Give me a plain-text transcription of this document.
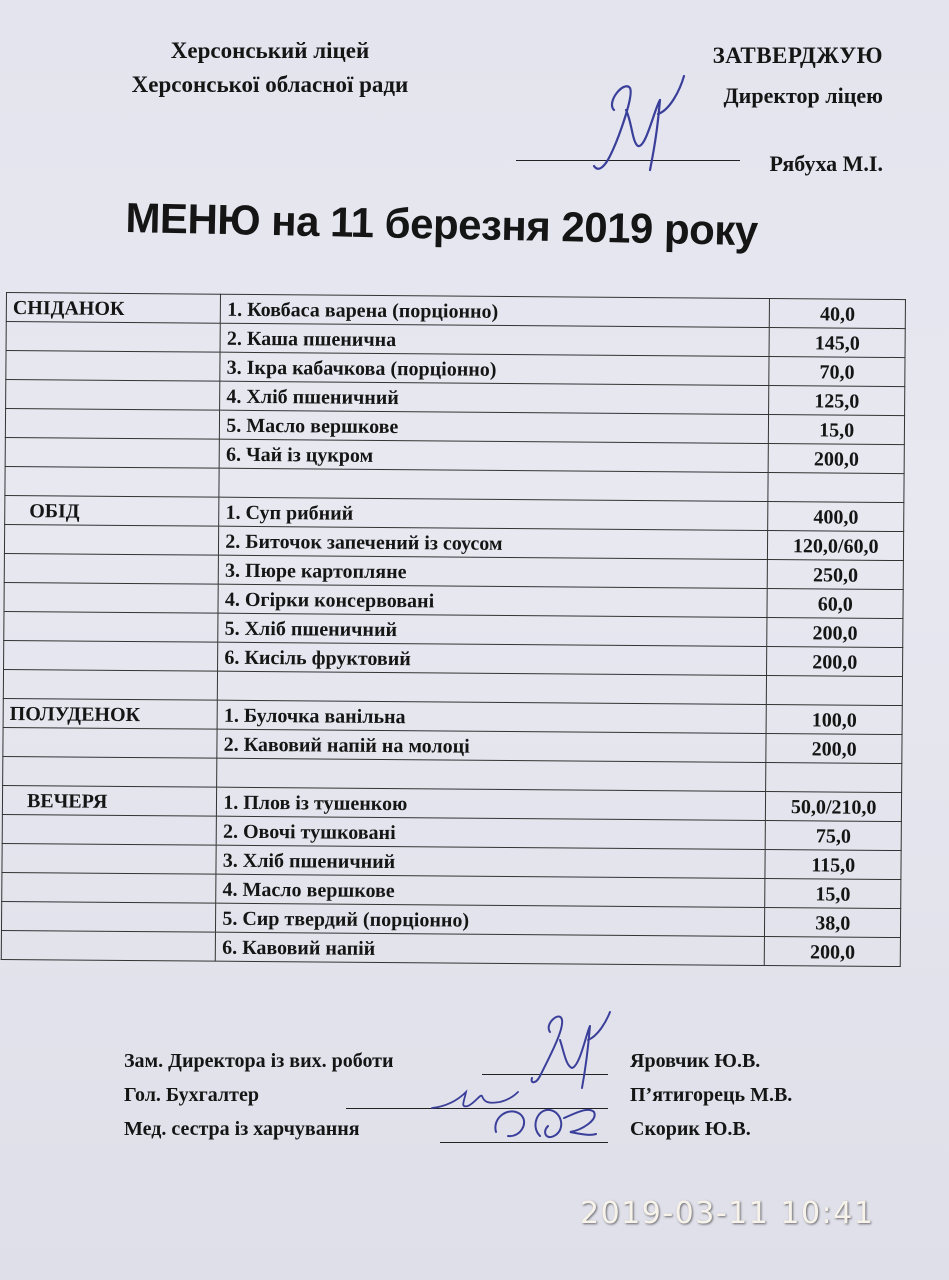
Херсонський ліцей
Херсонської обласної ради
ЗАТВЕРДЖУЮ
Директор ліцею
Рябуха М.І.
МЕНЮ на 11 березня 2019 року
СНІДАНОК	1. Ковбаса варена (порціонно)	40,0
	2. Каша пшенична	145,0
	3. Ікра кабачкова (порціонно)	70,0
	4. Хліб пшеничний	125,0
	5. Масло вершкове	15,0
	6. Чай із цукром	200,0

ОБІД	1. Суп рибний	400,0
	2. Биточок запечений із соусом	120,0/60,0
	3. Пюре картопляне	250,0
	4. Огірки консервовані	60,0
	5. Хліб пшеничний	200,0
	6. Кисіль фруктовий	200,0

ПОЛУДЕНОК	1. Булочка ванільна	100,0
	2. Кавовий напій на молоці	200,0

ВЕЧЕРЯ	1. Плов із тушенкою	50,0/210,0
	2. Овочі тушковані	75,0
	3. Хліб пшеничний	115,0
	4. Масло вершкове	15,0
	5. Сир твердий (порціонно)	38,0
	6. Кавовий напій	200,0
Зам. Директора із вих. роботи	Яровчик Ю.В.
Гол. Бухгалтер	П’ятигорець М.В.
Мед. сестра із харчування	Скорик Ю.В.
2019-03-11 10:41
